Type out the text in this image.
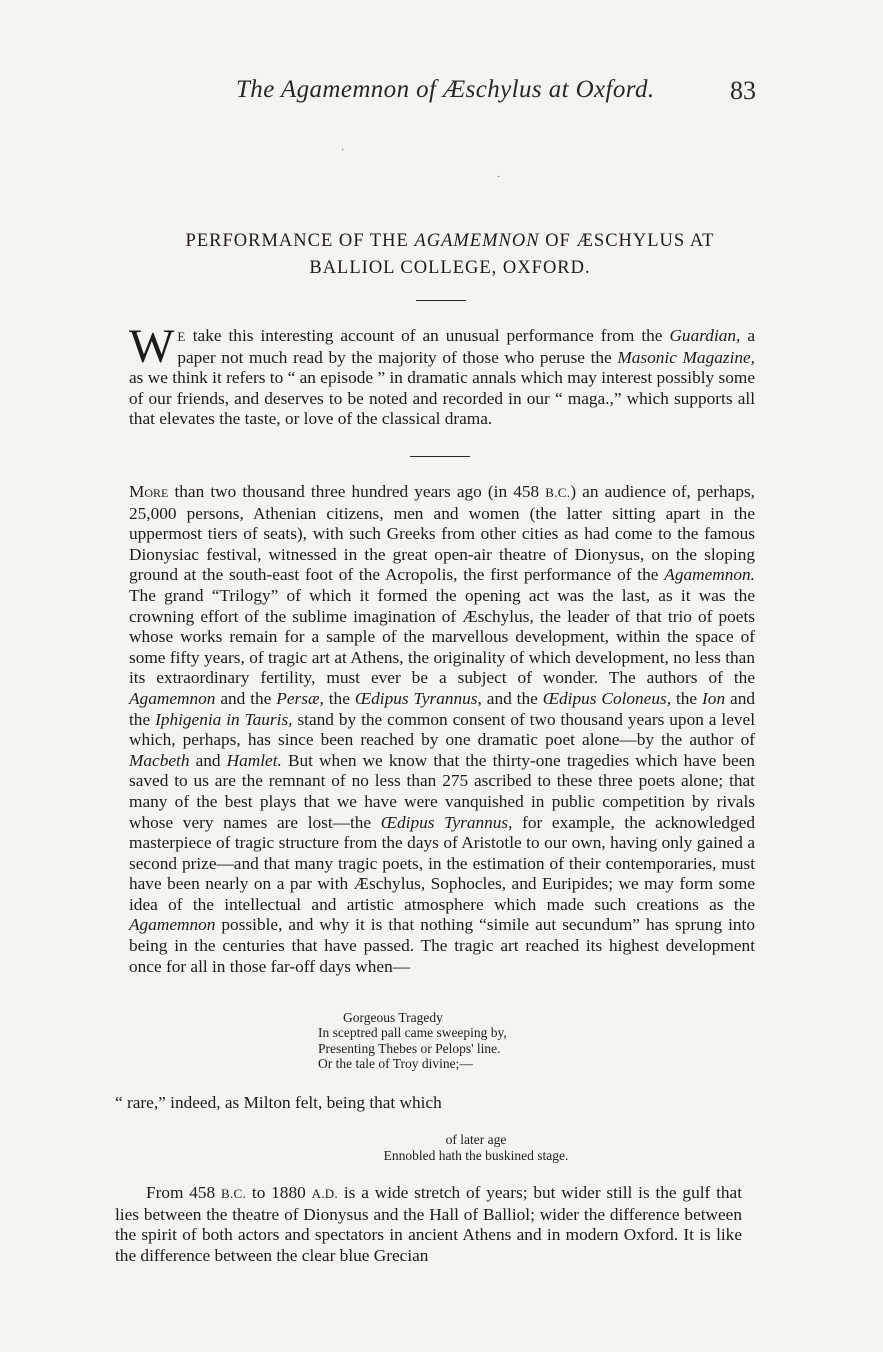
The Agamemnon of Æschylus at Oxford.	83
·
·
PERFORMANCE OF THE AGAMEMNON OF ÆSCHYLUS AT
BALLIOL COLLEGE, OXFORD.
W E take this interesting account of an unusual performance from the Guardian, a paper not much read by the majority of those who peruse the Masonic Magazine, as we think it refers to “ an episode ” in dramatic annals which may interest possibly some of our friends, and deserves to be noted and recorded in our “ maga.,” which supports all that elevates the taste, or love of the classical drama.
More than two thousand three hundred years ago (in 458 B.C.) an audience of, perhaps, 25,000 persons, Athenian citizens, men and women (the latter sitting apart in the uppermost tiers of seats), with such Greeks from other cities as had come to the famous Dionysiac festival, witnessed in the great open-air theatre of Dionysus, on the sloping ground at the south-east foot of the Acropolis, the first performance of the Agamemnon. The grand “Trilogy” of which it formed the opening act was the last, as it was the crowning effort of the sublime imagination of Æschylus, the leader of that trio of poets whose works remain for a sample of the marvellous development, within the space of some fifty years, of tragic art at Athens, the originality of which development, no less than its extraordinary fertility, must ever be a subject of wonder. The authors of the Agamemnon and the Persæ, the Œdipus Tyrannus, and the Œdipus Coloneus, the Ion and the Iphigenia in Tauris, stand by the common consent of two thousand years upon a level which, perhaps, has since been reached by one dramatic poet alone—by the author of Macbeth and Hamlet. But when we know that the thirty-one tragedies which have been saved to us are the remnant of no less than 275 ascribed to these three poets alone; that many of the best plays that we have were vanquished in public competition by rivals whose very names are lost—the Œdipus Tyrannus, for example, the acknowledged masterpiece of tragic structure from the days of Aristotle to our own, having only gained a second prize—and that many tragic poets, in the estimation of their contemporaries, must have been nearly on a par with Æschylus, Sophocles, and Euripides; we may form some idea of the intellectual and artistic atmosphere which made such creations as the Agamemnon possible, and why it is that nothing “simile aut secundum” has sprung into being in the centuries that have passed. The tragic art reached its highest development once for all in those far-off days when—
Gorgeous Tragedy
In sceptred pall came sweeping by,
Presenting Thebes or Pelops' line.
Or the tale of Troy divine;—
“ rare,” indeed, as Milton felt, being that which
of later age
Ennobled hath the buskined stage.
From 458 B.C. to 1880 A.D. is a wide stretch of years; but wider still is the gulf that lies between the theatre of Dionysus and the Hall of Balliol; wider the difference between the spirit of both actors and spectators in ancient Athens and in modern Oxford. It is like the difference between the clear blue Grecian
